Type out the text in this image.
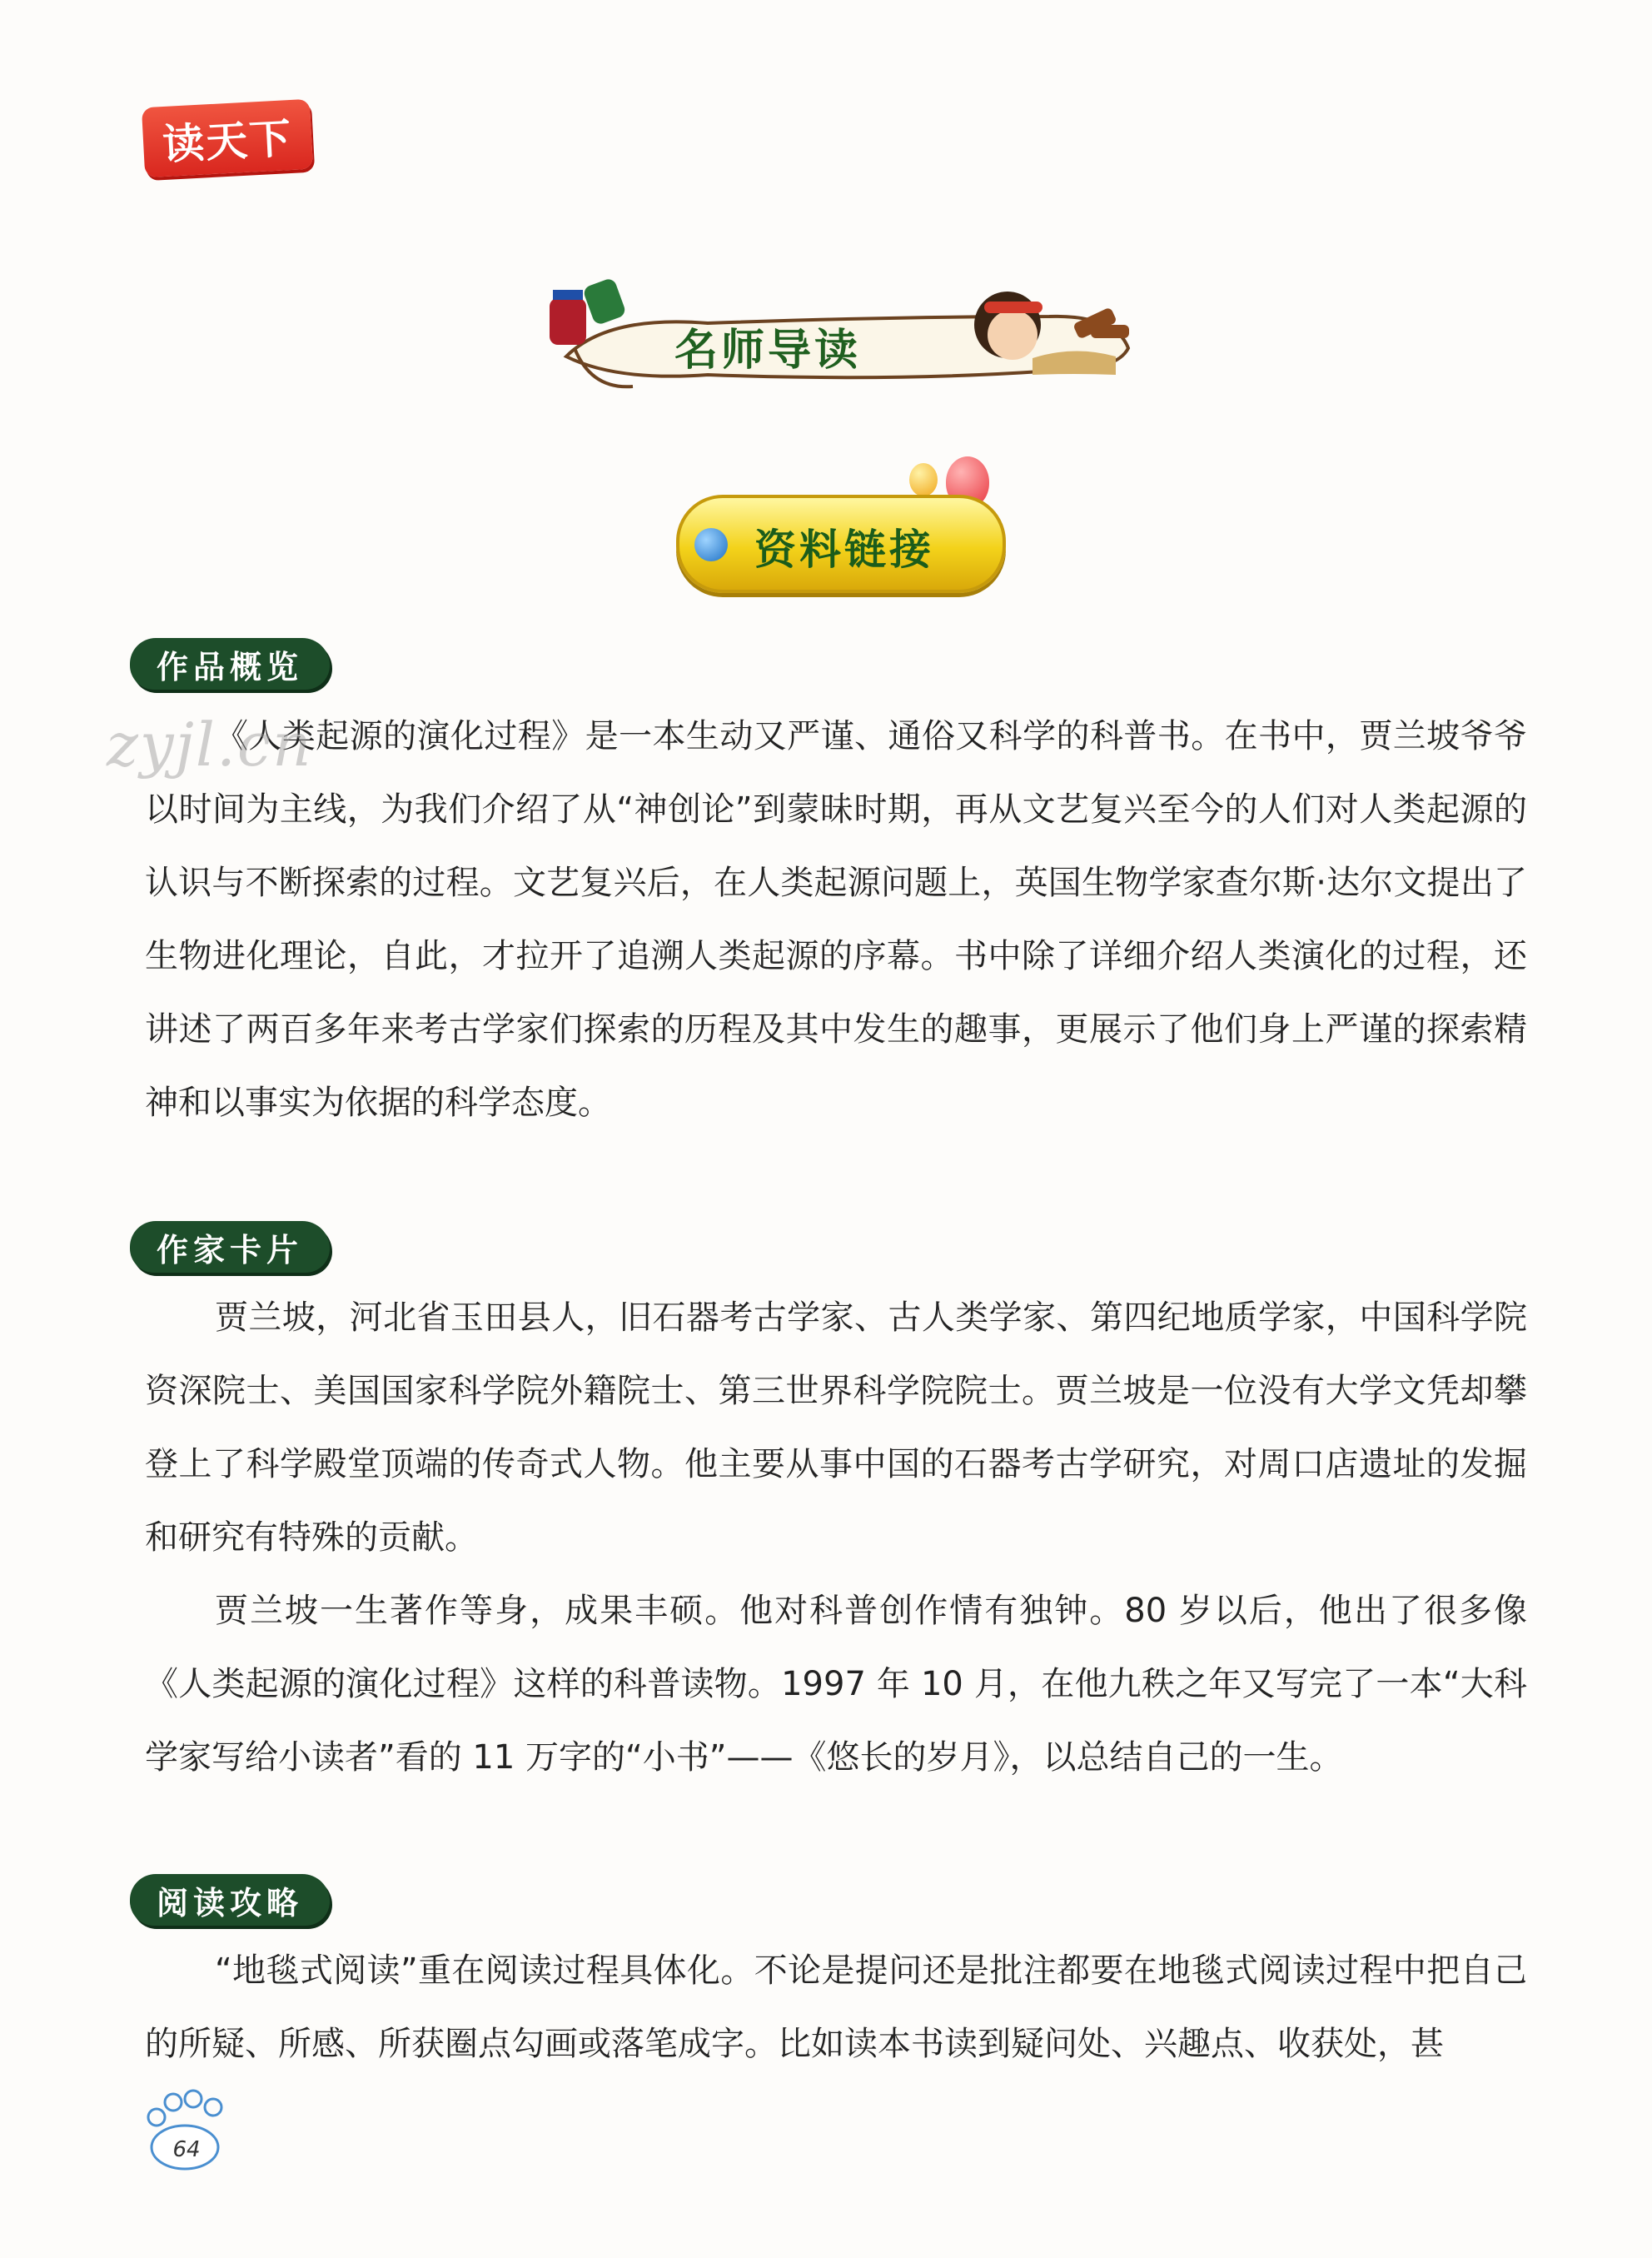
读天下
名师导读
资料链接
作品概览

《人类起源的演化过程》是一本生动又严谨、通俗又科学的科普书。在书中，贾兰坡爷爷以时间为主线，为我们介绍了从“神创论”到蒙昧时期，再从文艺复兴至今的人们对人类起源的认识与不断探索的过程。文艺复兴后，在人类起源问题上，英国生物学家查尔斯·达尔文提出了生物进化理论，自此，才拉开了追溯人类起源的序幕。书中除了详细介绍人类演化的过程，还讲述了两百多年来考古学家们探索的历程及其中发生的趣事，更展示了他们身上严谨的探索精神和以事实为依据的科学态度。

zyjl.cn
作家卡片

贾兰坡，河北省玉田县人，旧石器考古学家、古人类学家、第四纪地质学家，中国科学院资深院士、美国国家科学院外籍院士、第三世界科学院院士。贾兰坡是一位没有大学文凭却攀登上了科学殿堂顶端的传奇式人物。他主要从事中国的石器考古学研究，对周口店遗址的发掘和研究有特殊的贡献。

贾兰坡一生著作等身，成果丰硕。他对科普创作情有独钟。80 岁以后，他出了很多像《人类起源的演化过程》这样的科普读物。1997 年 10 月，在他九秩之年又写完了一本“大科学家写给小读者”看的 11 万字的“小书”——《悠长的岁月》，以总结自己的一生。

阅读攻略

“地毯式阅读”重在阅读过程具体化。不论是提问还是批注都要在地毯式阅读过程中把自己的所疑、所感、所获圈点勾画或落笔成字。比如读本书读到疑问处、兴趣点、收获处，甚

64
